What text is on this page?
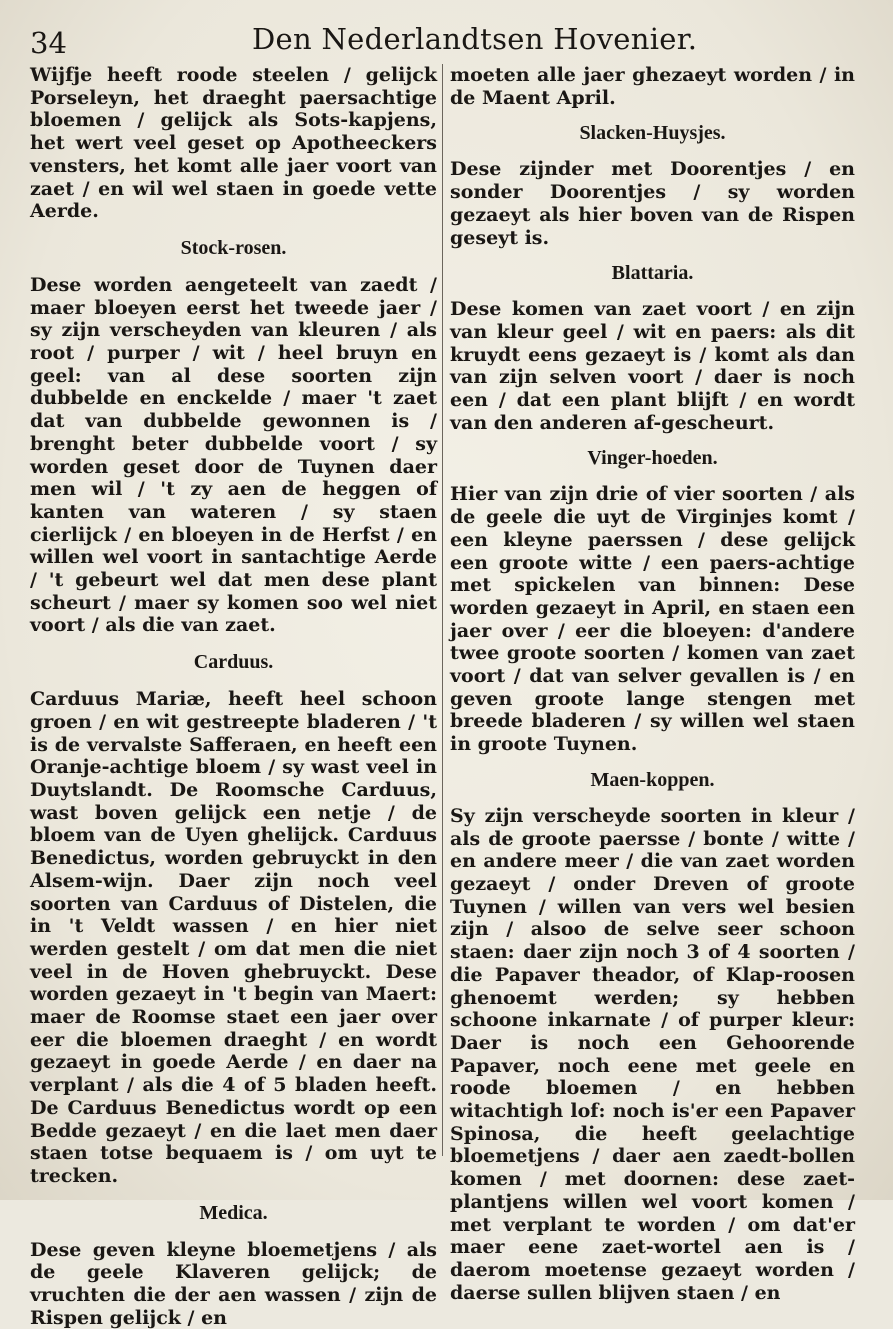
34	Den Nederlandtsen Hovenier.

Wijfje heeft roode steelen / gelijck Porseleyn, het draeght paersachtige bloemen / gelijck als Sots-kapjens, het wert veel geset op Apotheeckers vensters, het komt alle jaer voort van zaet / en wil wel staen in goede vette Aerde.

Stock-rosen.

Dese worden aengeteelt van zaedt / maer bloeyen eerst het tweede jaer / sy zijn verscheyden van kleuren / als root / purper / wit / heel bruyn en geel: van al dese soorten zijn dubbelde en enckelde / maer 't zaet dat van dubbelde gewonnen is / brenght beter dubbelde voort / sy worden geset door de Tuynen daer men wil / 't zy aen de heggen of kanten van wateren / sy staen cierlijck / en bloeyen in de Herfst / en willen wel voort in santachtige Aerde / 't gebeurt wel dat men dese plant scheurt / maer sy komen soo wel niet voort / als die van zaet.

Carduus.

Carduus Mariæ, heeft heel schoon groen / en wit gestreepte bladeren / 't is de vervalste Safferaen, en heeft een Oranje-achtige bloem / sy wast veel in Duytslandt. De Roomsche Carduus, wast boven gelijck een netje / de bloem van de Uyen ghelijck. Carduus Benedictus, worden gebruyckt in den Alsem-wijn. Daer zijn noch veel soorten van Carduus of Distelen, die in 't Veldt wassen / en hier niet werden gestelt / om dat men die niet veel in de Hoven ghebruyckt. Dese worden gezaeyt in 't begin van Maert: maer de Roomse staet een jaer over eer die bloemen draeght / en wordt gezaeyt in goede Aerde / en daer na verplant / als die 4 of 5 bladen heeft. De Carduus Benedictus wordt op een Bedde gezaeyt / en die laet men daer staen totse bequaem is / om uyt te trecken.

Medica.

Dese geven kleyne bloemetjens / als de geele Klaveren gelijck; de vruchten die der aen wassen / zijn de Rispen gelijck / en

moeten alle jaer ghezaeyt worden / in de Maent April.

Slacken-Huysjes.

Dese zijnder met Doorentjes / en sonder Doorentjes / sy worden gezaeyt als hier boven van de Rispen geseyt is.

Blattaria.

Dese komen van zaet voort / en zijn van kleur geel / wit en paers: als dit kruydt eens gezaeyt is / komt als dan van zijn selven voort / daer is noch een / dat een plant blijft / en wordt van den anderen af-gescheurt.

Vinger-hoeden.

Hier van zijn drie of vier soorten / als de geele die uyt de Virginjes komt / een kleyne paerssen / dese gelijck een groote witte / een paers-achtige met spickelen van binnen: Dese worden gezaeyt in April, en staen een jaer over / eer die bloeyen: d'andere twee groote soorten / komen van zaet voort / dat van selver gevallen is / en geven groote lange stengen met breede bladeren / sy willen wel staen in groote Tuynen.

Maen-koppen.

Sy zijn verscheyde soorten in kleur / als de groote paersse / bonte / witte / en andere meer / die van zaet worden gezaeyt / onder Dreven of groote Tuynen / willen van vers wel besien zijn / alsoo de selve seer schoon staen: daer zijn noch 3 of 4 soorten / die Papaver theador, of Klap-roosen ghenoemt werden; sy hebben schoone inkarnate / of purper kleur: Daer is noch een Gehoorende Papaver, noch eene met geele en roode bloemen / en hebben witachtigh lof: noch is'er een Papaver Spinosa, die heeft geelachtige bloemetjens / daer aen zaedt-bollen komen / met doornen: dese zaet-plantjens willen wel voort komen / met verplant te worden / om dat'er maer eene zaet-wortel aen is / daerom moetense gezaeyt worden / daerse sullen blijven staen / en
